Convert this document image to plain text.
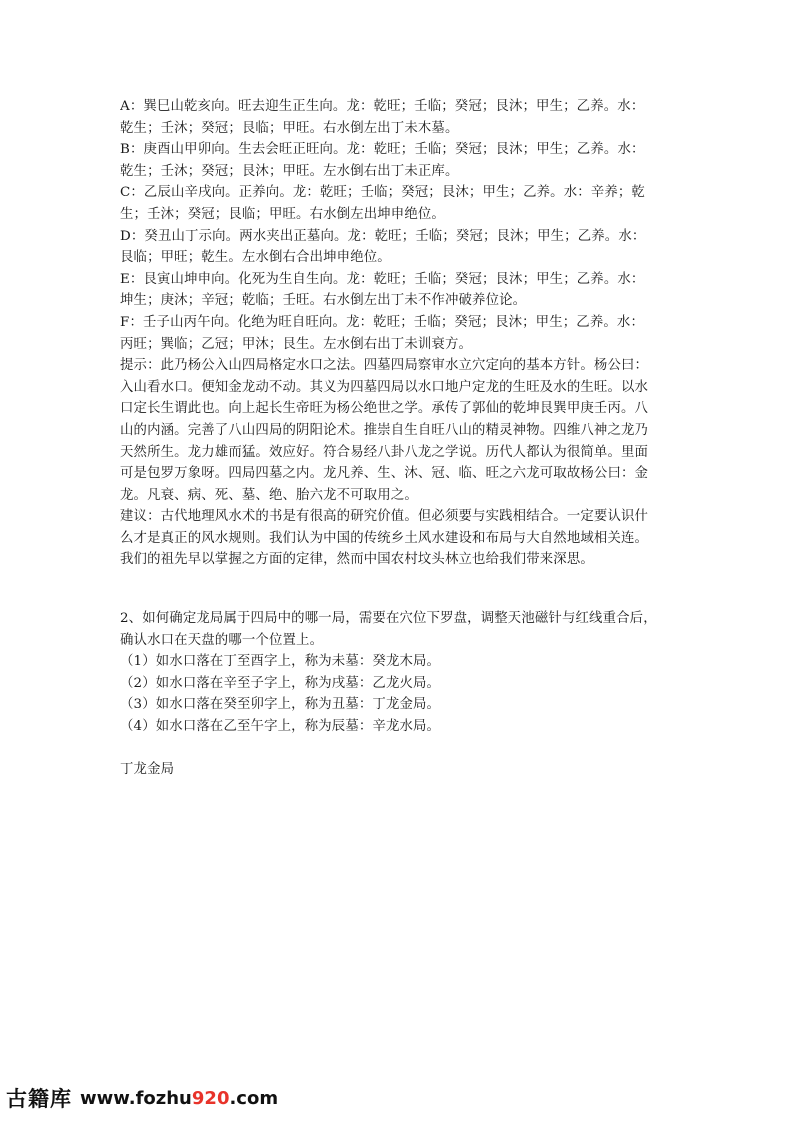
A：巽巳山乾亥向。旺去迎生正生向。龙：乾旺；壬临；癸冠；艮沐；甲生；乙养。水：
乾生；壬沐；癸冠；艮临；甲旺。右水倒左出丁未木墓。
B：庚酉山甲卯向。生去会旺正旺向。龙：乾旺；壬临；癸冠；艮沐；甲生；乙养。水：
乾生；壬沐；癸冠；艮沐；甲旺。左水倒右出丁未正库。
C：乙辰山辛戌向。正养向。龙：乾旺；壬临；癸冠；艮沐；甲生；乙养。水：辛养；乾
生；壬沐；癸冠；艮临；甲旺。右水倒左出坤申绝位。
D：癸丑山丁示向。两水夹出正墓向。龙：乾旺；壬临；癸冠；艮沐；甲生；乙养。水：
艮临；甲旺；乾生。左水倒右合出坤申绝位。
E：艮寅山坤申向。化死为生自生向。龙：乾旺；壬临；癸冠；艮沐；甲生；乙养。水：
坤生；庚沐；辛冠；乾临；壬旺。右水倒左出丁未不作冲破养位论。
F：壬子山丙午向。化绝为旺自旺向。龙：乾旺；壬临；癸冠；艮沐；甲生；乙养。水：
丙旺；巽临；乙冠；甲沐；艮生。左水倒右出丁未训衰方。
提示：此乃杨公入山四局格定水口之法。四墓四局察审水立穴定向的基本方针。杨公曰：
入山看水口。便知金龙动不动。其义为四墓四局以水口地户定龙的生旺及水的生旺。以水
口定长生谓此也。向上起长生帝旺为杨公绝世之学。承传了郭仙的乾坤艮巽甲庚壬丙。八
山的内涵。完善了八山四局的阴阳论术。推崇自生自旺八山的精灵神物。四维八神之龙乃
天然所生。龙力雄而猛。效应好。符合易经八卦八龙之学说。历代人都认为很简单。里面
可是包罗万象呀。四局四墓之内。龙凡养、生、沐、冠、临、旺之六龙可取故杨公曰：金
龙。凡衰、病、死、墓、绝、胎六龙不可取用之。
建议：古代地理风水术的书是有很高的研究价值。但必须要与实践相结合。一定要认识什
么才是真正的风水规则。我们认为中国的传统乡土风水建设和布局与大自然地域相关连。
我们的祖先早以掌握之方面的定律，然而中国农村坟头林立也给我们带来深思。
2、如何确定龙局属于四局中的哪一局，需要在穴位下罗盘，调整天池磁针与红线重合后，
确认水口在天盘的哪一个位置上。
（1）如水口落在丁至酉字上，称为未墓：癸龙木局。
（2）如水口落在辛至子字上，称为戌墓：乙龙火局。
（3）如水口落在癸至卯字上，称为丑墓：丁龙金局。
（4）如水口落在乙至午字上，称为辰墓：辛龙水局。
丁龙金局
古籍库 www.fozhu920.com
